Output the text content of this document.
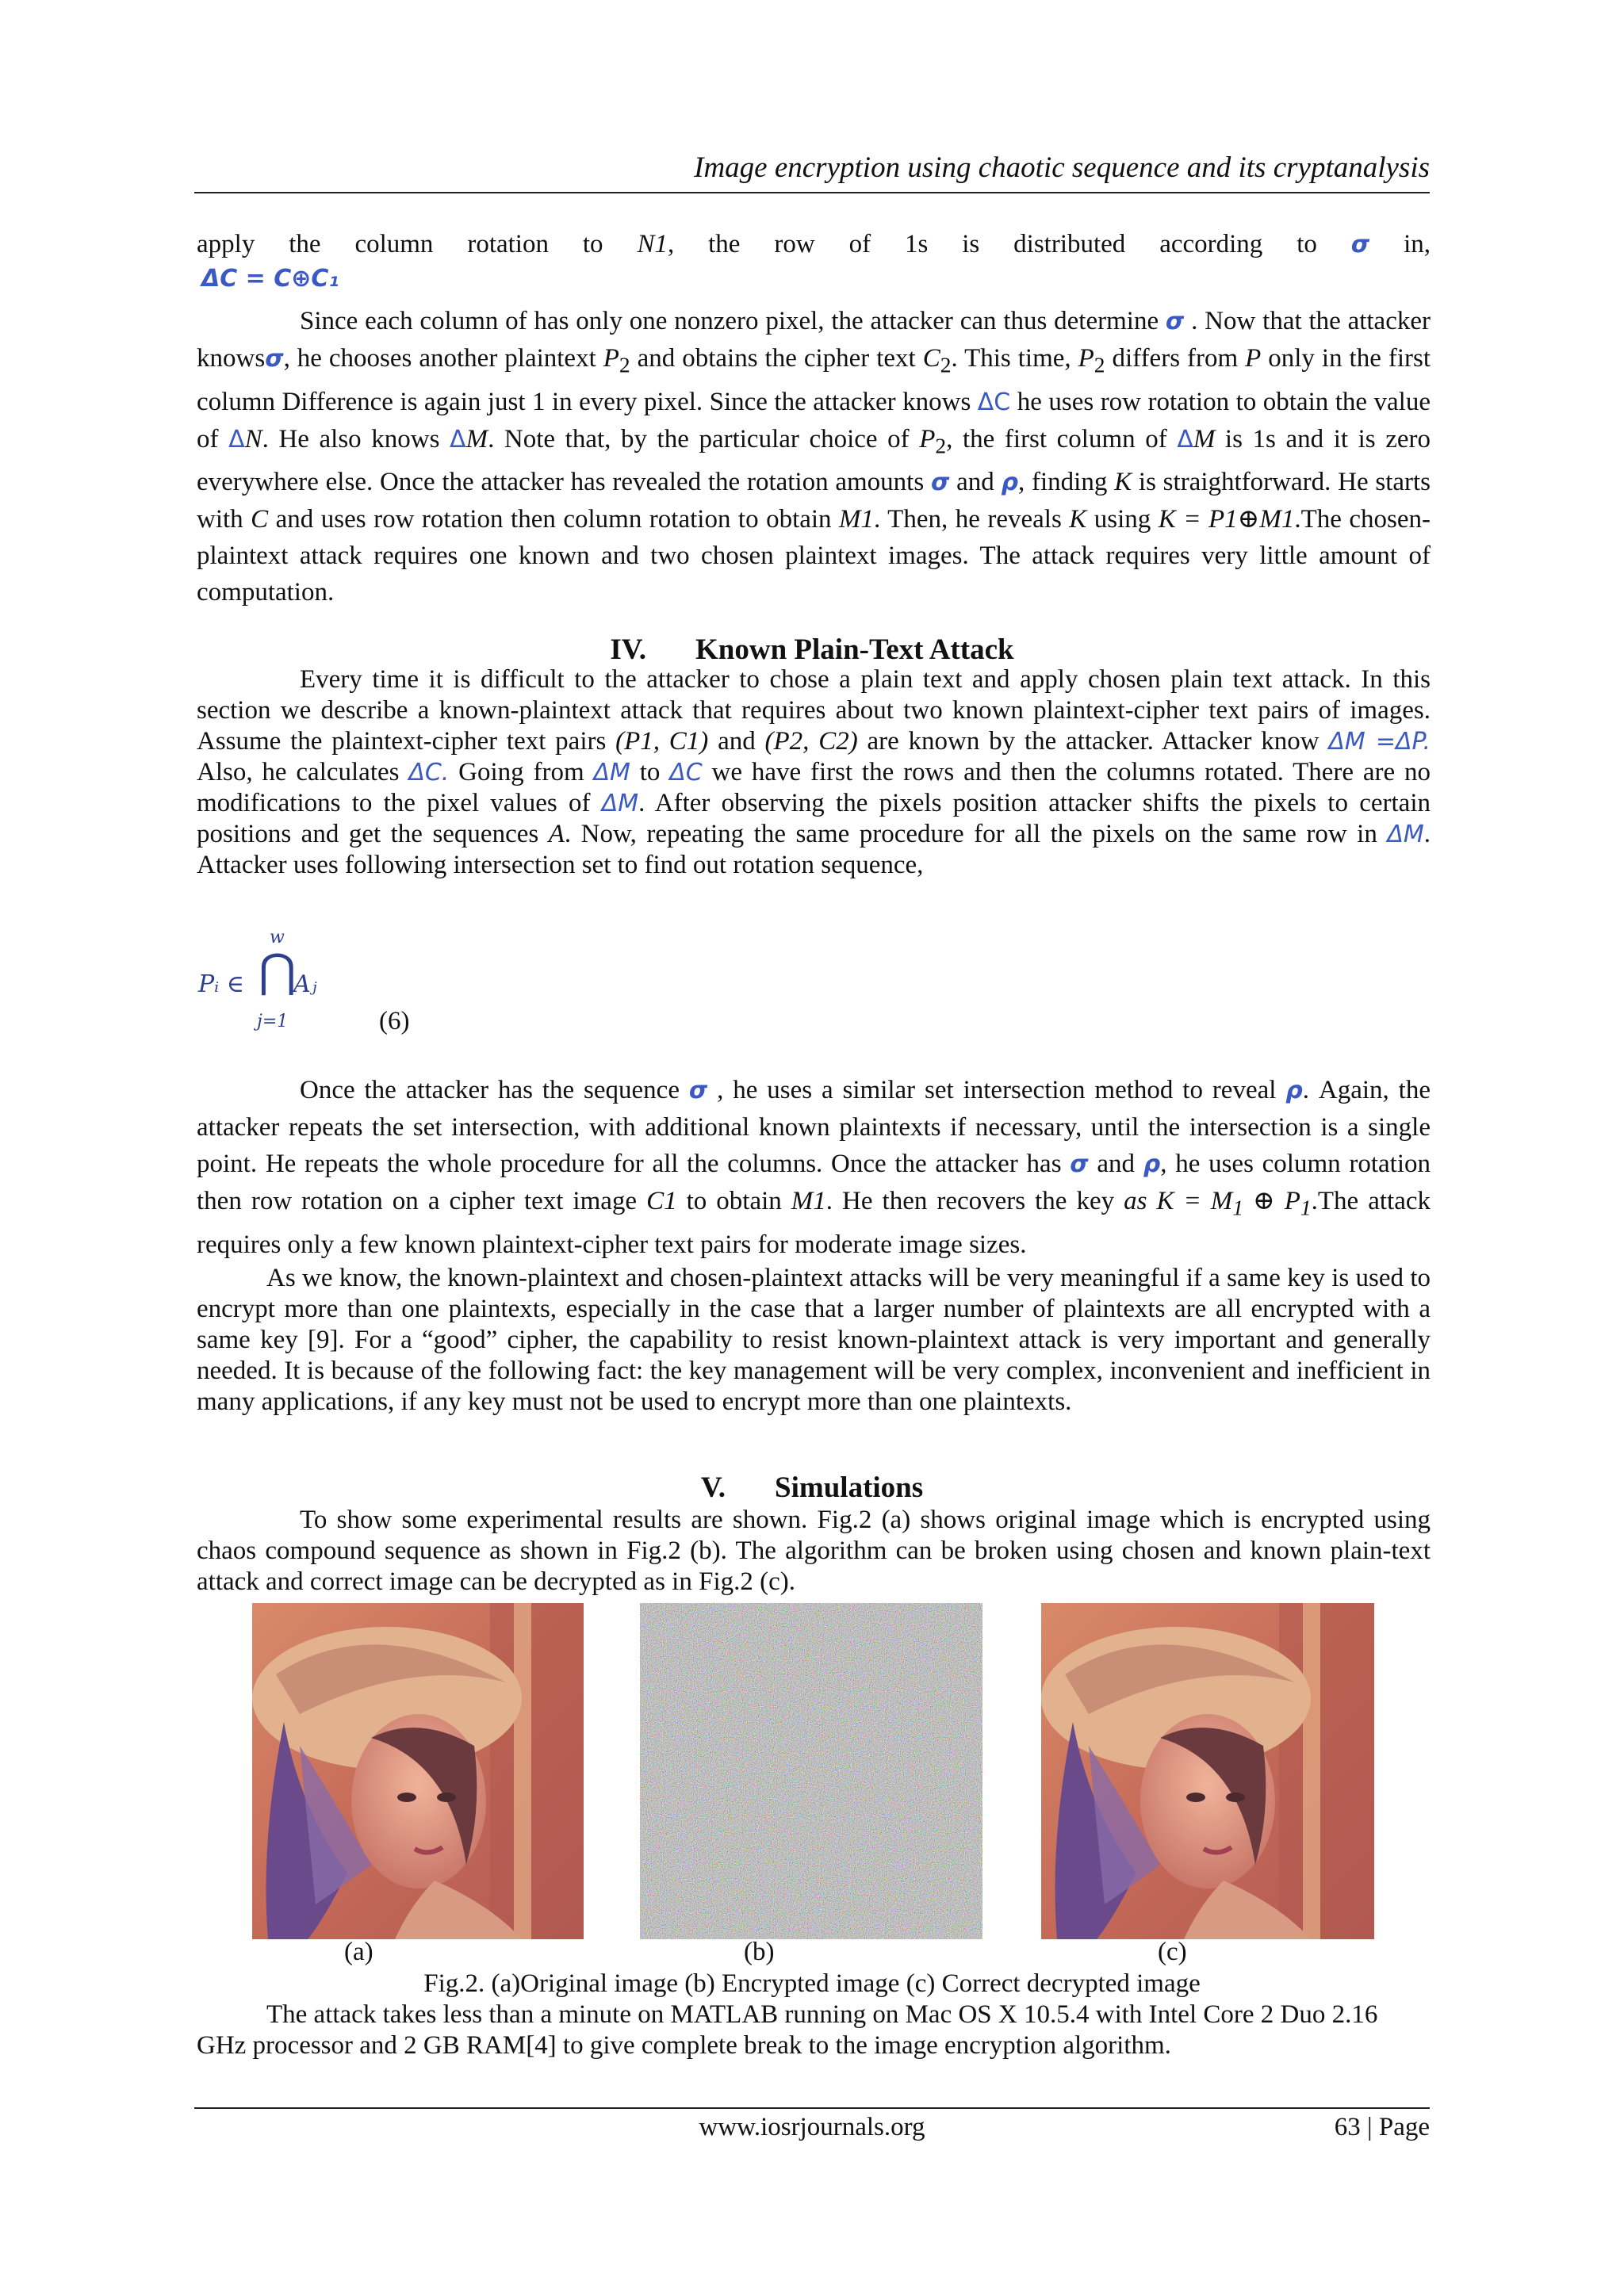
Image encryption using chaotic sequence and its cryptanalysis

apply the column rotation to N1, the row of 1s is distributed according to σ in,

ΔC = C⊕C₁

Since each column of has only one nonzero pixel, the attacker can thus determine σ . Now that the attacker knowsσ, he chooses another plaintext $P_2$ and obtains the cipher text $C_2$. This time, $P_2$ differs from P only in the first column Difference is again just 1 in every pixel. Since the attacker knows ΔC he uses row rotation to obtain the value of ΔN. He also knows ΔM. Note that, by the particular choice of $P_2$, the first column of ΔM is 1s and it is zero everywhere else. Once the attacker has revealed the rotation amounts σ and ρ, finding K is straightforward. He starts with C and uses row rotation then column rotation to obtain M1. Then, he reveals K using K = P1⊕M1.The chosen-plaintext attack requires one known and two chosen plaintext images. The attack requires very little amount of computation.

IV. Known Plain-Text Attack

Every time it is difficult to the attacker to chose a plain text and apply chosen plain text attack. In this section we describe a known-plaintext attack that requires about two known plaintext-cipher text pairs of images. Assume the plaintext-cipher text pairs (P1, C1) and (P2, C2) are known by the attacker. Attacker know ΔM =ΔP. Also, he calculates ΔC. Going from ΔM to ΔC we have first the rows and then the columns rotated. There are no modifications to the pixel values of ΔM. After observing the pixels position attacker shifts the pixels to certain positions and get the sequences A. Now, repeating the same procedure for all the pixels on the same row in ΔM. Attacker uses following intersection set to find out rotation sequence,

Pᵢ ∈
w
⋂
Aⱼ
j=1	(6)

Once the attacker has the sequence σ , he uses a similar set intersection method to reveal ρ. Again, the attacker repeats the set intersection, with additional known plaintexts if necessary, until the intersection is a single point. He repeats the whole procedure for all the columns. Once the attacker has σ and ρ, he uses column rotation then row rotation on a cipher text image C1 to obtain M1. He then recovers the key as $K = M_1$ ⊕ $P_1.The$ attack requires only a few known plaintext-cipher text pairs for moderate image sizes.

As we know, the known-plaintext and chosen-plaintext attacks will be very meaningful if a same key is used to encrypt more than one plaintexts, especially in the case that a larger number of plaintexts are all encrypted with a same key [9]. For a “good” cipher, the capability to resist known-plaintext attack is very important and generally needed. It is because of the following fact: the key management will be very complex, inconvenient and inefficient in many applications, if any key must not be used to encrypt more than one plaintexts.

V. Simulations

To show some experimental results are shown. Fig.2 (a) shows original image which is encrypted using chaos compound sequence as shown in Fig.2 (b). The algorithm can be broken using chosen and known plain-text attack and correct image can be decrypted as in Fig.2 (c).

(a)	(b)	(c)
Fig.2. (a)Original image (b) Encrypted image (c) Correct decrypted image

The attack takes less than a minute on MATLAB running on Mac OS X 10.5.4 with Intel Core 2 Duo 2.16 GHz processor and 2 GB RAM[4] to give complete break to the image encryption algorithm.

www.iosrjournals.org	63 | Page
